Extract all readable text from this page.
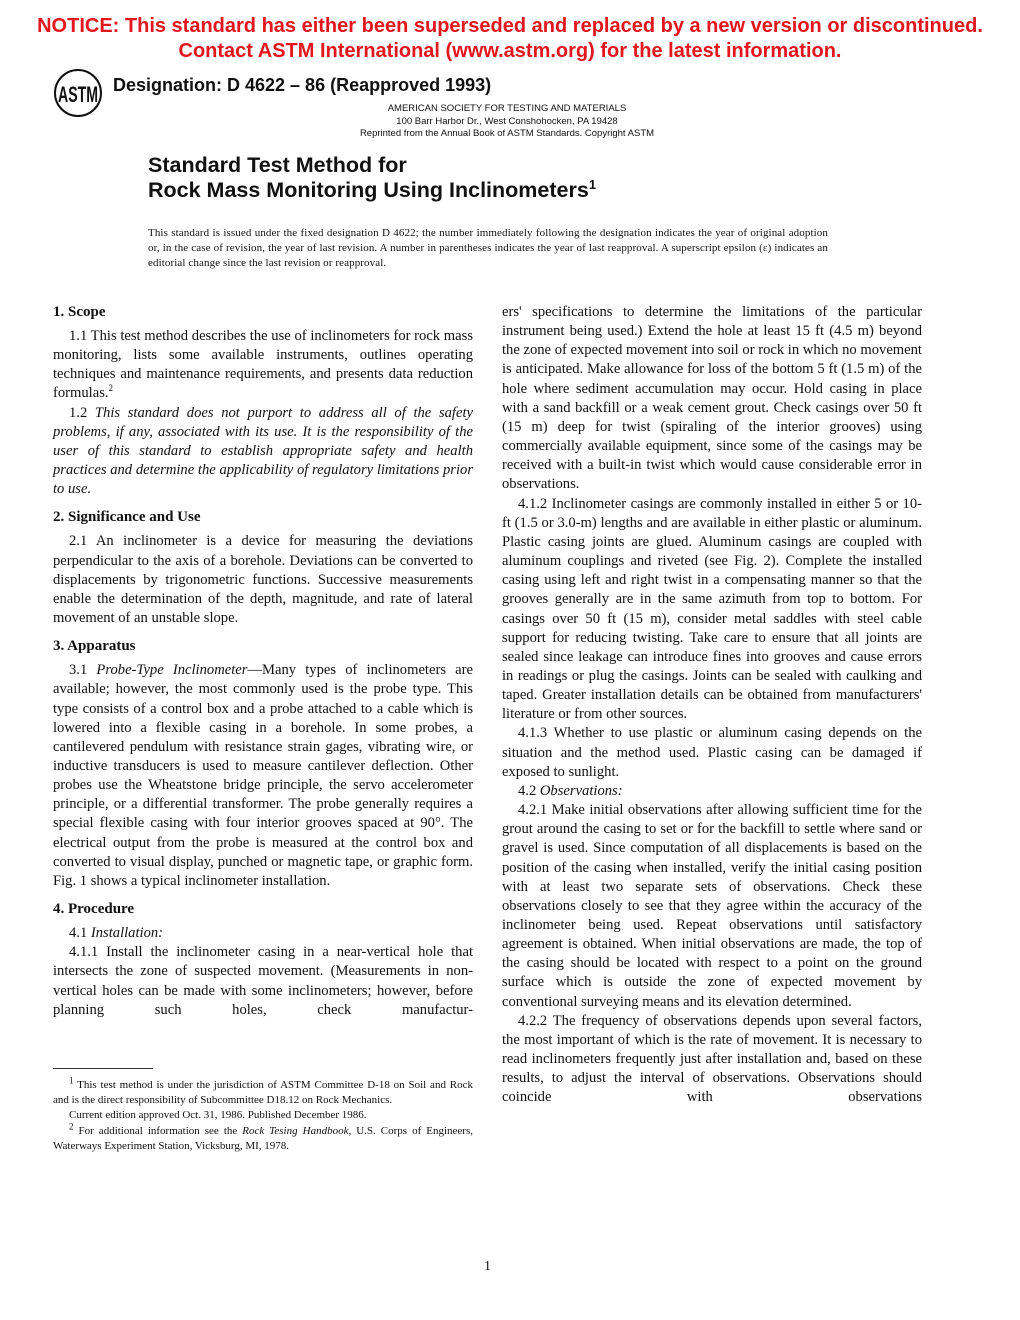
NOTICE: This standard has either been superseded and replaced by a new version or discontinued.
Contact ASTM International (www.astm.org) for the latest information.
ASTM Designation: D 4622 – 86 (Reapproved 1993)
AMERICAN SOCIETY FOR TESTING AND MATERIALS
100 Barr Harbor Dr., West Conshohocken, PA 19428
Reprinted from the Annual Book of ASTM Standards. Copyright ASTM
Standard Test Method for
Rock Mass Monitoring Using Inclinometers$^1$
This standard is issued under the fixed designation D 4622; the number immediately following the designation indicates the year of original adoption or, in the case of revision, the year of last revision. A number in parentheses indicates the year of last reapproval. A superscript epsilon (ε) indicates an editorial change since the last revision or reapproval.
1. Scope

1.1 This test method describes the use of inclinometers for rock mass monitoring, lists some available instruments, outlines operating techniques and maintenance requirements, and presents data reduction formulas.$^2$

1.2 This standard does not purport to address all of the safety problems, if any, associated with its use. It is the responsibility of the user of this standard to establish appropriate safety and health practices and determine the applicability of regulatory limitations prior to use.

2. Significance and Use

2.1 An inclinometer is a device for measuring the deviations perpendicular to the axis of a borehole. Deviations can be converted to displacements by trigonometric functions. Successive measurements enable the determination of the depth, magnitude, and rate of lateral movement of an unstable slope.

3. Apparatus

3.1 Probe-Type Inclinometer—Many types of inclinometers are available; however, the most commonly used is the probe type. This type consists of a control box and a probe attached to a cable which is lowered into a flexible casing in a borehole. In some probes, a cantilevered pendulum with resistance strain gages, vibrating wire, or inductive transducers is used to measure cantilever deflection. Other probes use the Wheatstone bridge principle, the servo accelerometer principle, or a differential transformer. The probe generally requires a special flexible casing with four interior grooves spaced at 90°. The electrical output from the probe is measured at the control box and converted to visual display, punched or magnetic tape, or graphic form. Fig. 1 shows a typical inclinometer installation.

4. Procedure

4.1 Installation:

4.1.1 Install the inclinometer casing in a near-vertical hole that intersects the zone of suspected movement. (Measurements in non-vertical holes can be made with some inclinometers; however, before planning such holes, check manufactur-

ers' specifications to determine the limitations of the particular instrument being used.) Extend the hole at least 15 ft (4.5 m) beyond the zone of expected movement into soil or rock in which no movement is anticipated. Make allowance for loss of the bottom 5 ft (1.5 m) of the hole where sediment accumulation may occur. Hold casing in place with a sand backfill or a weak cement grout. Check casings over 50 ft (15 m) deep for twist (spiraling of the interior grooves) using commercially available equipment, since some of the casings may be received with a built-in twist which would cause considerable error in observations.

4.1.2 Inclinometer casings are commonly installed in either 5 or 10-ft (1.5 or 3.0-m) lengths and are available in either plastic or aluminum. Plastic casing joints are glued. Aluminum casings are coupled with aluminum couplings and riveted (see Fig. 2). Complete the installed casing using left and right twist in a compensating manner so that the grooves generally are in the same azimuth from top to bottom. For casings over 50 ft (15 m), consider metal saddles with steel cable support for reducing twisting. Take care to ensure that all joints are sealed since leakage can introduce fines into grooves and cause errors in readings or plug the casings. Joints can be sealed with caulking and taped. Greater installation details can be obtained from manufacturers' literature or from other sources.

4.1.3 Whether to use plastic or aluminum casing depends on the situation and the method used. Plastic casing can be damaged if exposed to sunlight.

4.2 Observations:

4.2.1 Make initial observations after allowing sufficient time for the grout around the casing to set or for the backfill to settle where sand or gravel is used. Since computation of all displacements is based on the position of the casing when installed, verify the initial casing position with at least two separate sets of observations. Check these observations closely to see that they agree within the accuracy of the inclinometer being used. Repeat observations until satisfactory agreement is obtained. When initial observations are made, the top of the casing should be located with respect to a point on the ground surface which is outside the zone of expected movement by conventional surveying means and its elevation determined.

4.2.2 The frequency of observations depends upon several factors, the most important of which is the rate of movement. It is necessary to read inclinometers frequently just after installation and, based on these results, to adjust the interval of observations. Observations should coincide with observations

$^1$ This test method is under the jurisdiction of ASTM Committee D-18 on Soil and Rock and is the direct responsibility of Subcommittee D18.12 on Rock Mechanics.

Current edition approved Oct. 31, 1986. Published December 1986.

$^2$ For additional information see the Rock Tesing Handbook, U.S. Corps of Engineers, Waterways Experiment Station, Vicksburg, MI, 1978.

1
